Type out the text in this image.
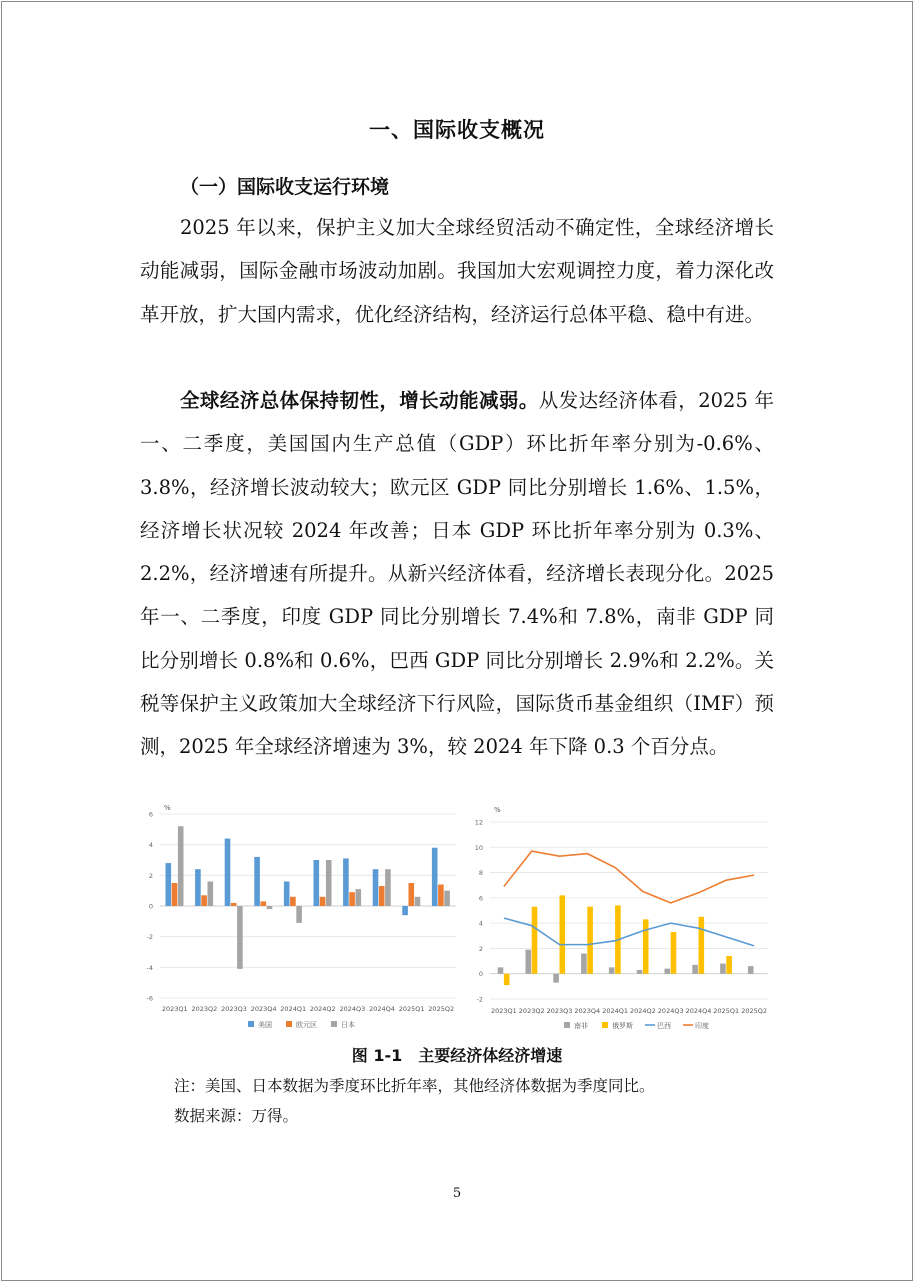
一、国际收支概况
（一）国际收支运行环境

2025 年以来，保护主义加大全球经贸活动不确定性，全球经济增长动能减弱，国际金融市场波动加剧。我国加大宏观调控力度，着力深化改革开放，扩大国内需求，优化经济结构，经济运行总体平稳、稳中有进。

全球经济总体保持韧性，增长动能减弱。从发达经济体看，2025 年一、二季度，美国国内生产总值（GDP）环比折年率分别为-0.6%、3.8%，经济增长波动较大；欧元区 GDP 同比分别增长 1.6%、1.5%，经济增长状况较 2024 年改善；日本 GDP 环比折年率分别为 0.3%、2.2%，经济增速有所提升。从新兴经济体看，经济增长表现分化。2025 年一、二季度，印度 GDP 同比分别增长 7.4%和 7.8%，南非 GDP 同比分别增长 0.8%和 0.6%，巴西 GDP 同比分别增长 2.9%和 2.2%。关税等保护主义政策加大全球经济下行风险，国际货币基金组织（IMF）预测，2025 年全球经济增速为 3%，较 2024 年下降 0.3 个百分点。

%
-6
-4
-2
0
2
4
6
2023Q1 2023Q2 2023Q3 2023Q4 2024Q1 2024Q2 2024Q3 2024Q4 2025Q1 2025Q2
美国	欧元区	日本
%
-2
0
2
4
6
8
10
12
2023Q1 2023Q2 2023Q3 2023Q4 2024Q1 2024Q2 2024Q3 2024Q4 2025Q1 2025Q2
南非	俄罗斯	巴西	印度
图 1-1 主要经济体经济增速
注：美国、日本数据为季度环比折年率，其他经济体数据为季度同比。
数据来源：万得。
5
